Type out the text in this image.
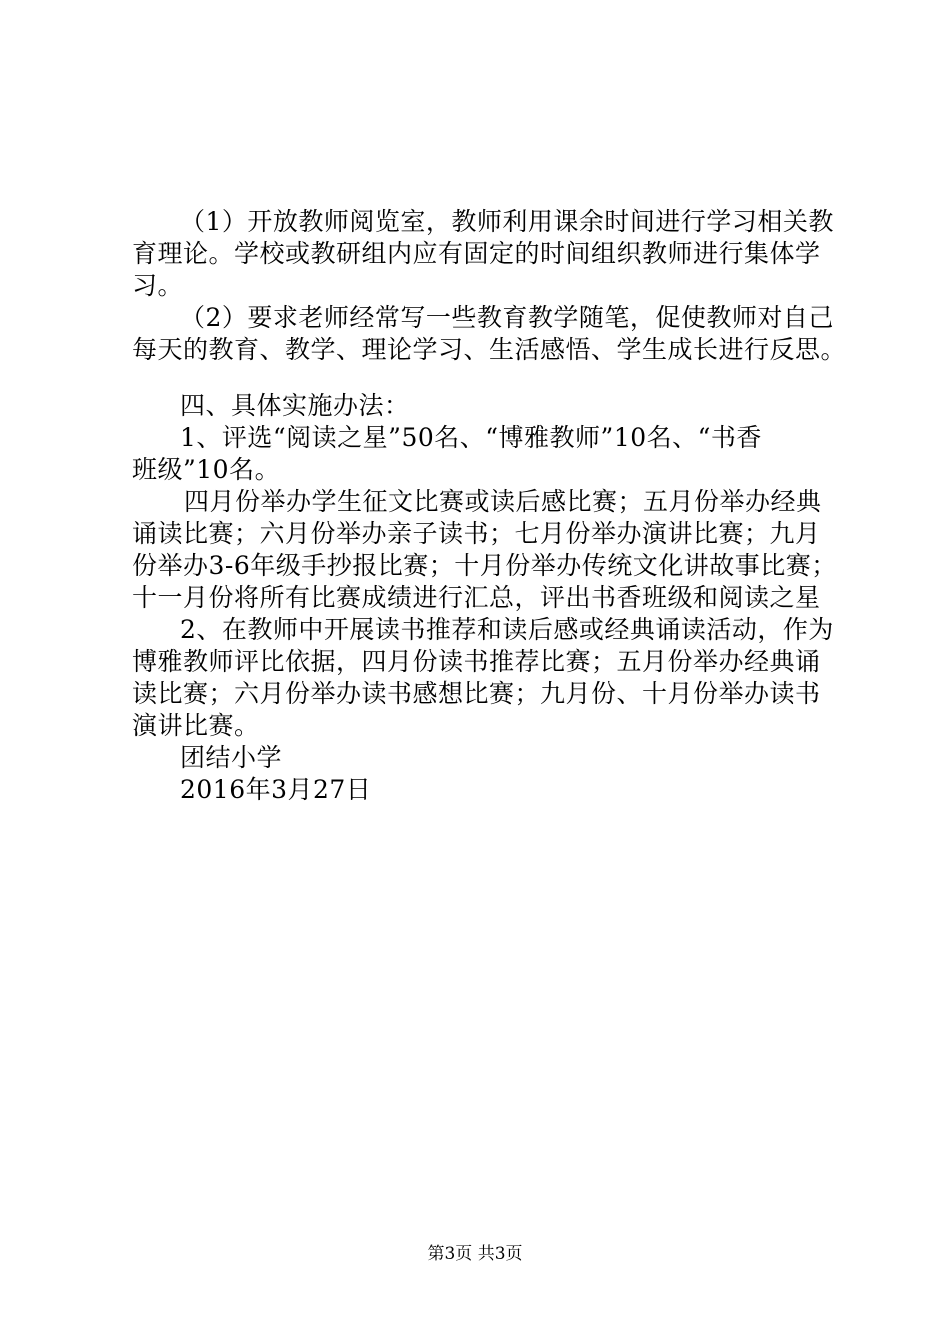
（1）开放教师阅览室，教师利用课余时间进行学习相关教
育理论。学校或教研组内应有固定的时间组织教师进行集体学
习。
（2）要求老师经常写一些教育教学随笔，促使教师对自己
每天的教育、教学、理论学习、生活感悟、学生成长进行反思。
四、具体实施办法：
1、评选“阅读之星”50名、“博雅教师”10名、“书香
班级”10名。
四月份举办学生征文比赛或读后感比赛；五月份举办经典
诵读比赛；六月份举办亲子读书；七月份举办演讲比赛；九月
份举办3-6年级手抄报比赛；十月份举办传统文化讲故事比赛；
十一月份将所有比赛成绩进行汇总，评出书香班级和阅读之星
2、在教师中开展读书推荐和读后感或经典诵读活动，作为
博雅教师评比依据，四月份读书推荐比赛；五月份举办经典诵
读比赛；六月份举办读书感想比赛；九月份、十月份举办读书
演讲比赛。
团结小学
2016年3月27日
第3页 共3页
